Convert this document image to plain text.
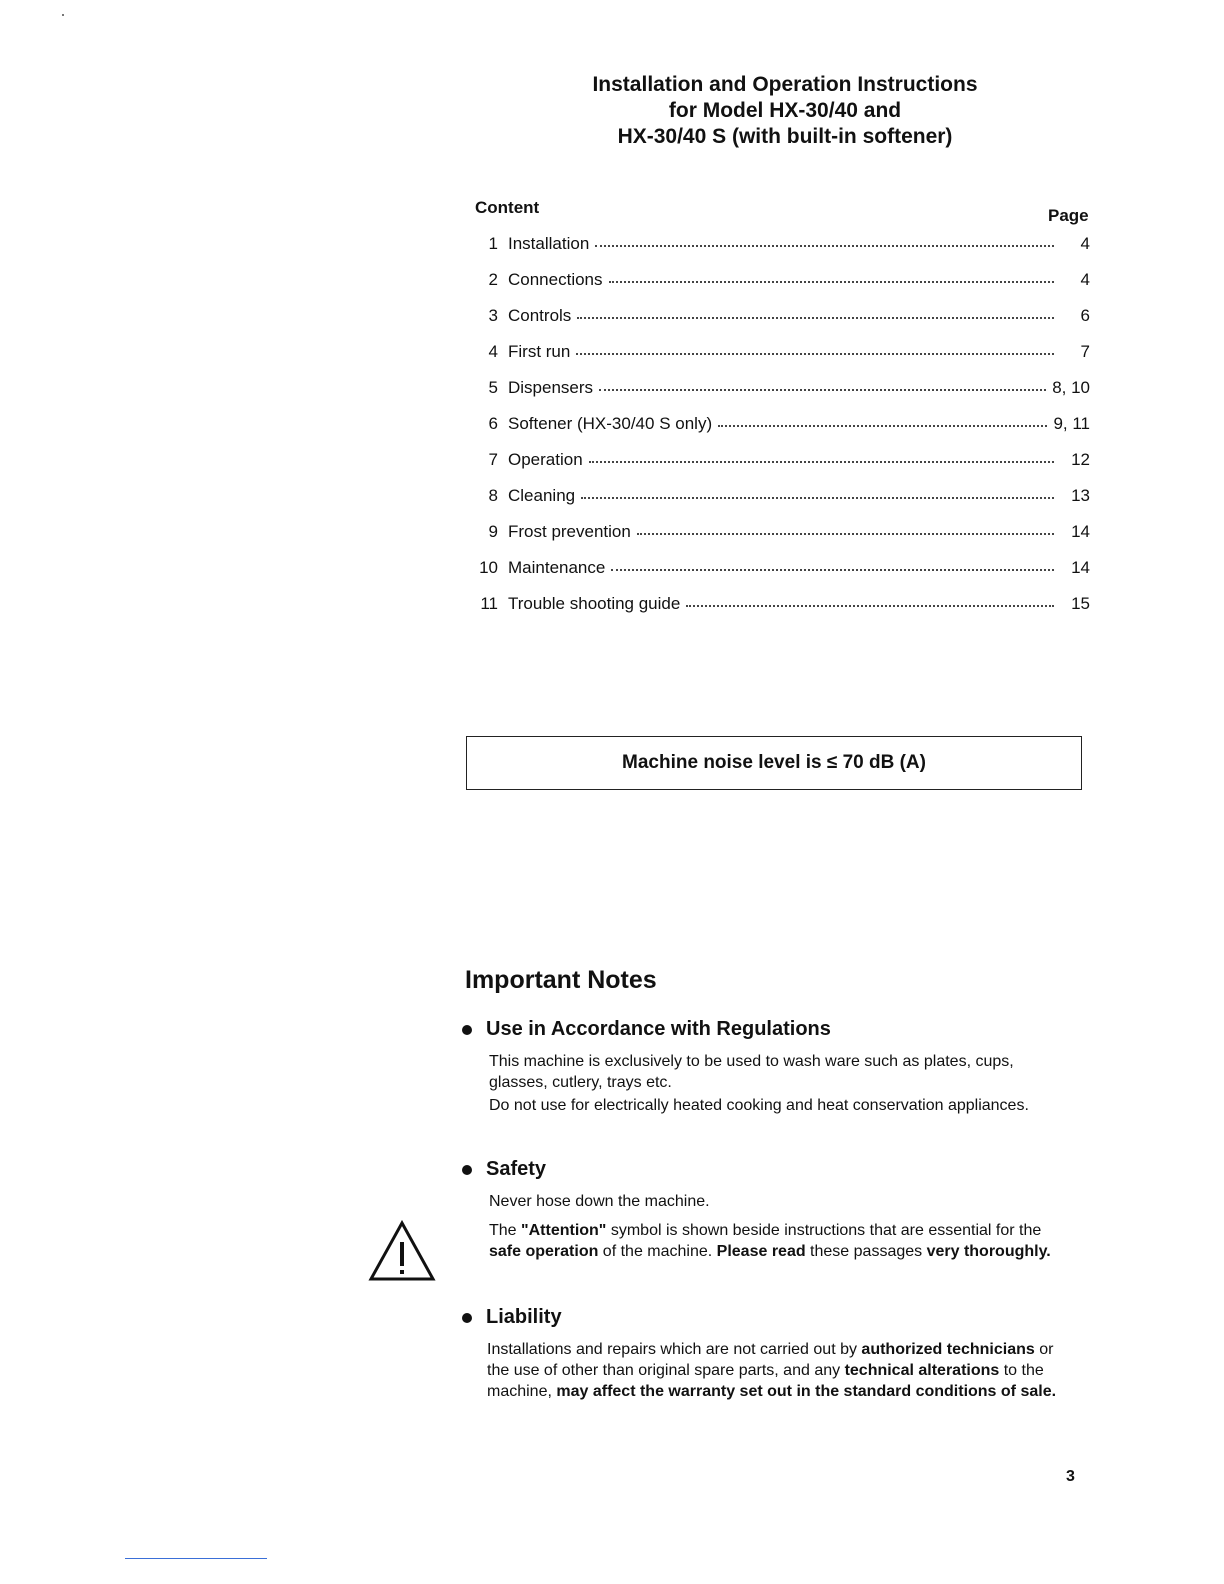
Installation and Operation Instructions
for Model HX-30/40 and
HX-30/40 S (with built-in softener)
Content	Page
1 Installation	4
2 Connections	4
3 Controls	6
4 First run	7
5 Dispensers	8, 10
6 Softener (HX-30/40 S only)	9, 11
7 Operation	12
8 Cleaning	13
9 Frost prevention	14
10 Maintenance	14
11 Trouble shooting guide	15
Machine noise level is ≤ 70 dB (A)
Important Notes
Use in Accordance with Regulations

This machine is exclusively to be used to wash ware such as plates, cups, glasses, cutlery, trays etc.

Do not use for electrically heated cooking and heat conservation appliances.

Safety

Never hose down the machine.

The "Attention" symbol is shown beside instructions that are essential for the safe operation of the machine. Please read these passages very thoroughly.

Liability

Installations and repairs which are not carried out by authorized technicians or the use of other than original spare parts, and any technical alterations to the machine, may affect the warranty set out in the standard conditions of sale.

3
